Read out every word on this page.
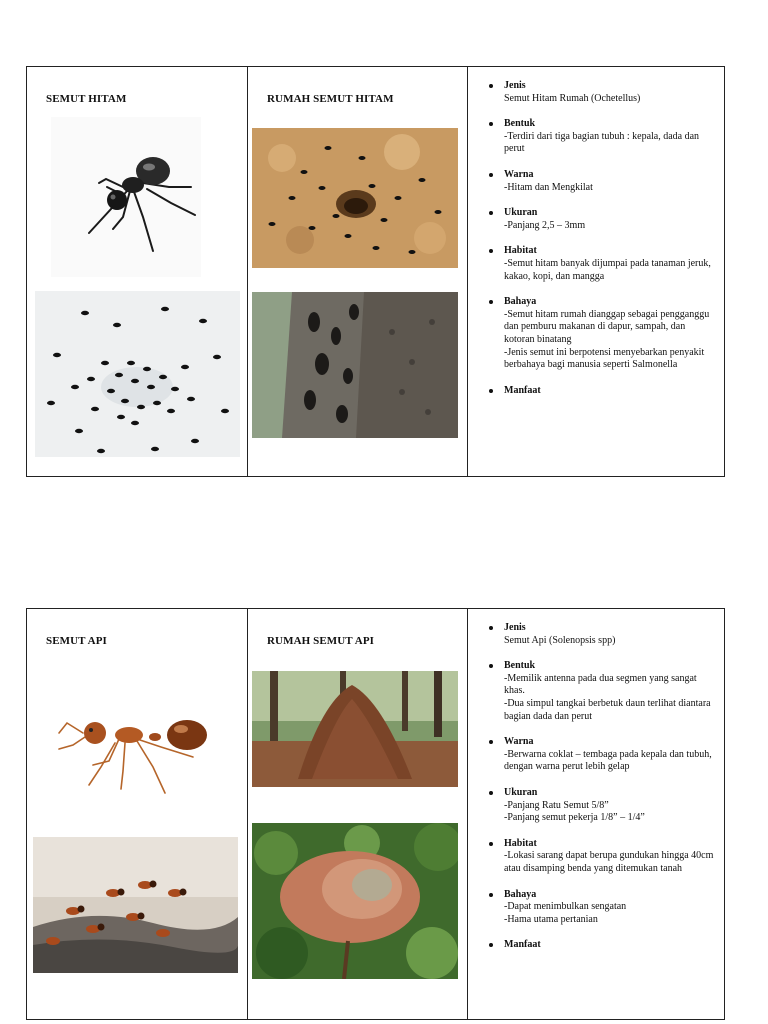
SEMUT HITAM	RUMAH SEMUT HITAM
Jenis
Semut Hitam Rumah (Ochetellus)
Bentuk
-Terdiri dari tiga bagian tubuh : kepala, dada dan perut
Warna
-Hitam dan Mengkilat
Ukuran
-Panjang 2,5 – 3mm
Habitat
-Semut hitam banyak dijumpai pada tanaman jeruk, kakao, kopi, dan mangga
Bahaya
-Semut hitam rumah dianggap sebagai pengganggu dan pemburu makanan di dapur, sampah, dan kotoran binatang
-Jenis semut ini berpotensi menyebarkan penyakit berbahaya bagi manusia seperti Salmonella
Manfaat
SEMUT API	RUMAH SEMUT API
Jenis
Semut Api (Solenopsis spp)
Bentuk
-Memilik antenna pada dua segmen yang sangat khas.
-Dua simpul tangkai berbetuk daun terlihat diantara bagian dada dan perut
Warna
-Berwarna coklat – tembaga pada kepala dan tubuh, dengan warna perut lebih gelap
Ukuran
-Panjang Ratu Semut 5/8”
-Panjang semut pekerja 1/8” – 1/4”
Habitat
-Lokasi sarang dapat berupa gundukan hingga 40cm atau disamping benda yang ditemukan tanah
Bahaya
-Dapat menimbulkan sengatan
-Hama utama pertanian
Manfaat
